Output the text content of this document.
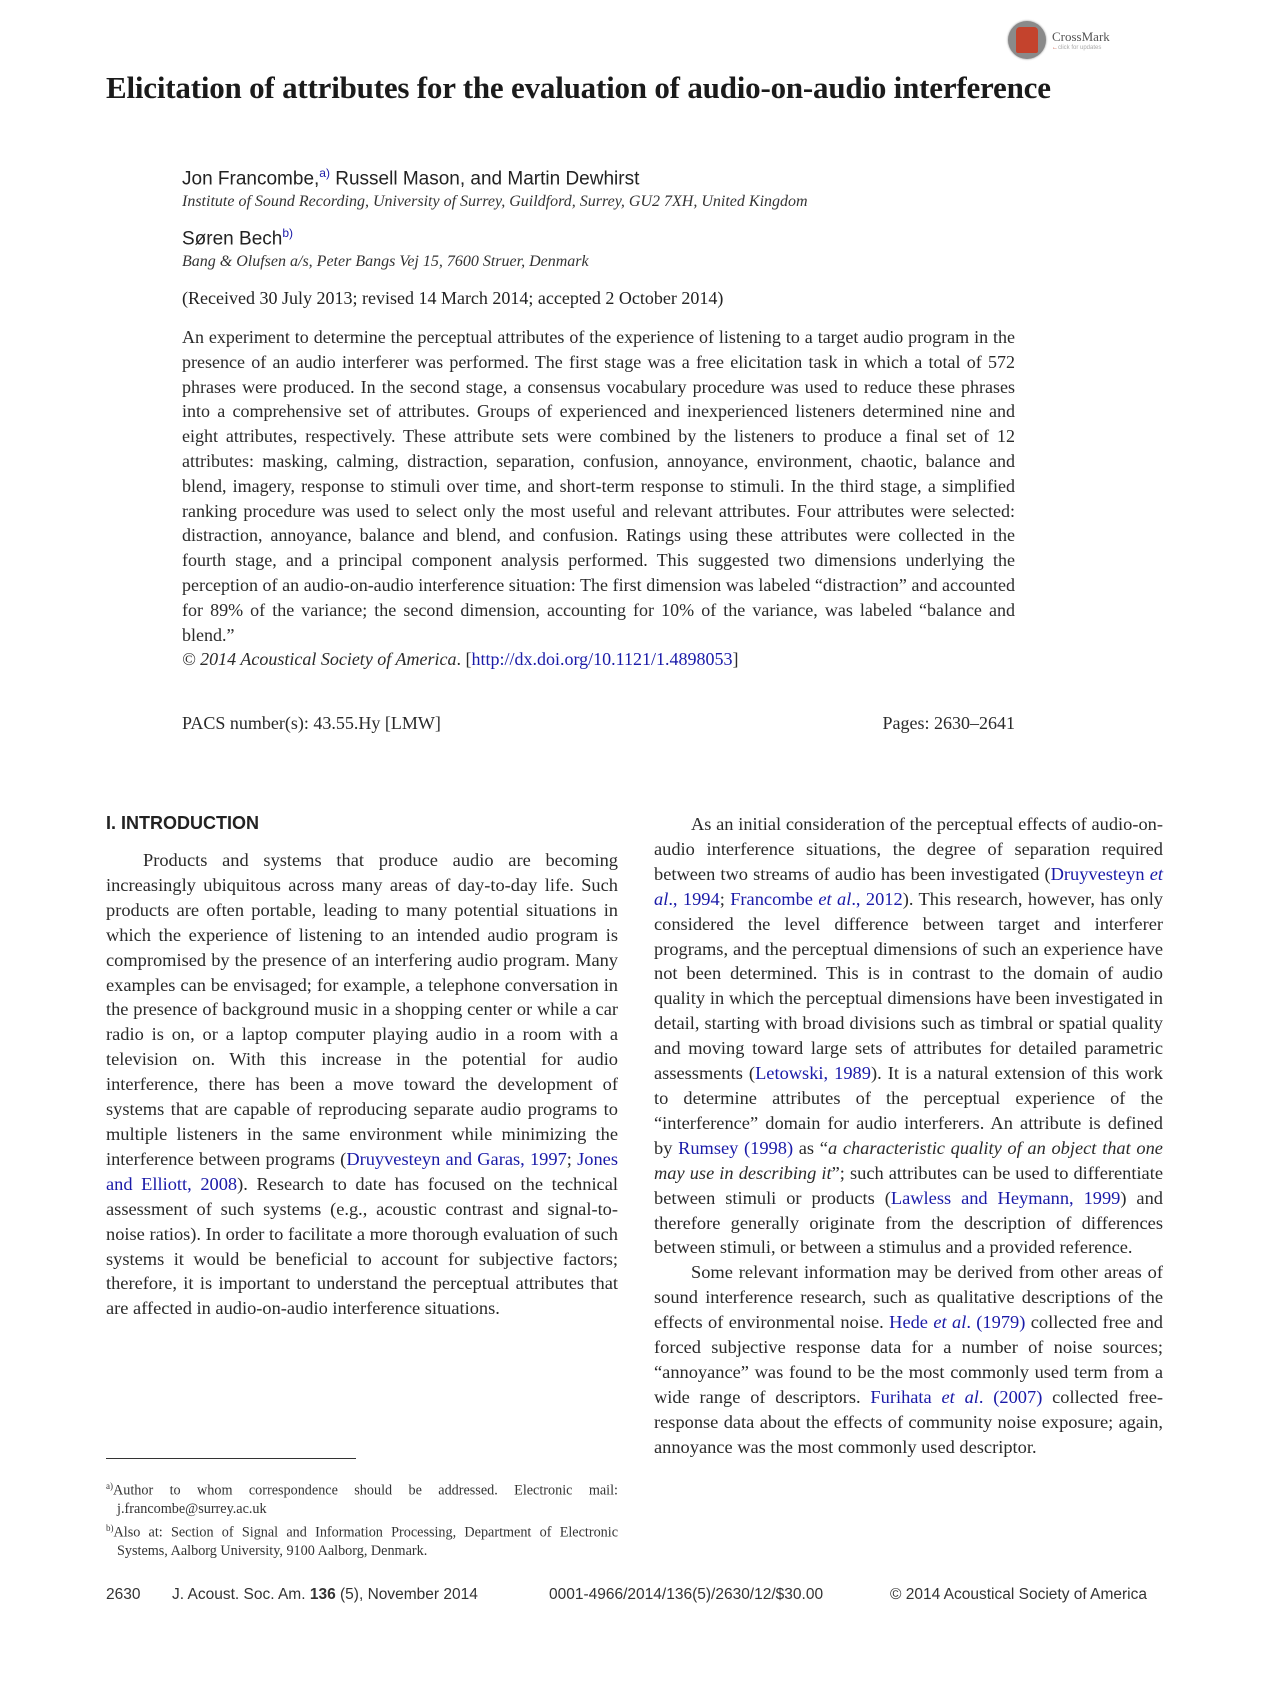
CrossMark
←click for updates
Elicitation of attributes for the evaluation of audio-on-audio interference
Jon Francombe,$^{a)}$ Russell Mason, and Martin Dewhirst
Institute of Sound Recording, University of Surrey, Guildford, Surrey, GU2 7XH, United Kingdom
Søren Bech$^{b)}$
Bang & Olufsen a/s, Peter Bangs Vej 15, 7600 Struer, Denmark
(Received 30 July 2013; revised 14 March 2014; accepted 2 October 2014)
An experiment to determine the perceptual attributes of the experience of listening to a target audio program in the presence of an audio interferer was performed. The first stage was a free elicitation task in which a total of 572 phrases were produced. In the second stage, a consensus vocabulary procedure was used to reduce these phrases into a comprehensive set of attributes. Groups of experienced and inexperienced listeners determined nine and eight attributes, respectively. These attribute sets were combined by the listeners to produce a final set of 12 attributes: masking, calming, distraction, separation, confusion, annoyance, environment, chaotic, balance and blend, imagery, response to stimuli over time, and short-term response to stimuli. In the third stage, a simplified ranking procedure was used to select only the most useful and relevant attributes. Four attributes were selected: distraction, annoyance, balance and blend, and confusion. Ratings using these attributes were collected in the fourth stage, and a principal component analysis performed. This suggested two dimensions underlying the perception of an audio-on-audio interference situation: The first dimension was labeled “distraction” and accounted for 89% of the variance; the second dimension, accounting for 10% of the variance, was labeled “balance and blend.”
© 2014 Acoustical Society of America. [http://dx.doi.org/10.1121/1.4898053]
PACS number(s): 43.55.Hy [LMW]	Pages: 2630–2641
I. INTRODUCTION

Products and systems that produce audio are becoming increasingly ubiquitous across many areas of day-to-day life. Such products are often portable, leading to many potential situations in which the experience of listening to an intended audio program is compromised by the presence of an interfering audio program. Many examples can be envisaged; for example, a telephone conversation in the presence of background music in a shopping center or while a car radio is on, or a laptop computer playing audio in a room with a television on. With this increase in the potential for audio interference, there has been a move toward the development of systems that are capable of reproducing separate audio programs to multiple listeners in the same environment while minimizing the interference between programs (Druyvesteyn and Garas, 1997; Jones and Elliott, 2008). Research to date has focused on the technical assessment of such systems (e.g., acoustic contrast and signal-to-noise ratios). In order to facilitate a more thorough evaluation of such systems it would be beneficial to account for subjective factors; therefore, it is important to understand the perceptual attributes that are affected in audio-on-audio interference situations.

As an initial consideration of the perceptual effects of audio-on-audio interference situations, the degree of separation required between two streams of audio has been investigated (Druyvesteyn et al., 1994; Francombe et al., 2012). This research, however, has only considered the level difference between target and interferer programs, and the perceptual dimensions of such an experience have not been determined. This is in contrast to the domain of audio quality in which the perceptual dimensions have been investigated in detail, starting with broad divisions such as timbral or spatial quality and moving toward large sets of attributes for detailed parametric assessments (Letowski, 1989). It is a natural extension of this work to determine attributes of the perceptual experience of the “interference” domain for audio interferers. An attribute is defined by Rumsey (1998) as “a characteristic quality of an object that one may use in describing it”; such attributes can be used to differentiate between stimuli or products (Lawless and Heymann, 1999) and therefore generally originate from the description of differences between stimuli, or between a stimulus and a provided reference.

Some relevant information may be derived from other areas of sound interference research, such as qualitative descriptions of the effects of environmental noise. Hede et al. (1979) collected free and forced subjective response data for a number of noise sources; “annoyance” was found to be the most commonly used term from a wide range of descriptors. Furihata et al. (2007) collected free-response data about the effects of community noise exposure; again, annoyance was the most commonly used descriptor.

$^{a)}$Author to whom correspondence should be addressed. Electronic mail: j.francombe@surrey.ac.uk
$^{b)}$Also at: Section of Signal and Information Processing, Department of Electronic Systems, Aalborg University, 9100 Aalborg, Denmark.
2630 J. Acoust. Soc. Am. 136 (5), November 2014	0001-4966/2014/136(5)/2630/12/$30.00	© 2014 Acoustical Society of America
